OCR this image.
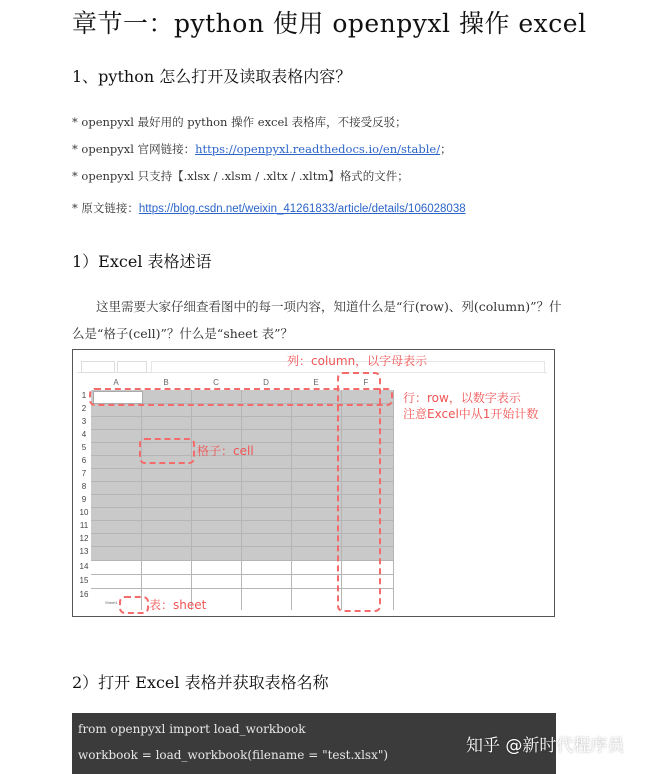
章节一：python 使用 openpyxl 操作 excel
1、python 怎么打开及读取表格内容？
* openpyxl 最好用的 python 操作 excel 表格库，不接受反驳；
* openpyxl 官网链接：https://openpyxl.readthedocs.io/en/stable/；
* openpyxl 只支持【.xlsx / .xlsm / .xltx / .xltm】格式的文件；
* 原文链接：https://blog.csdn.net/weixin_41261833/article/details/106028038
1）Excel 表格述语
这里需要大家仔细查看图中的每一项内容，知道什么是“行(row)、列(column)”？什
么是“格子(cell)”？什么是“sheet 表”？
A	B	C	D	E	F
1
2
3
4
5
6
7
8
9
10
11
12
13
14
15
16
列：column，以字母表示
行：row，以数字表示
注意Excel中从1开始计数
格子：cell
表：sheet
Sheet1
2）打开 Excel 表格并获取表格名称
from openpyxl import load_workbook
workbook = load_workbook(filename = "test.xlsx")	知乎 @新时代程序员
